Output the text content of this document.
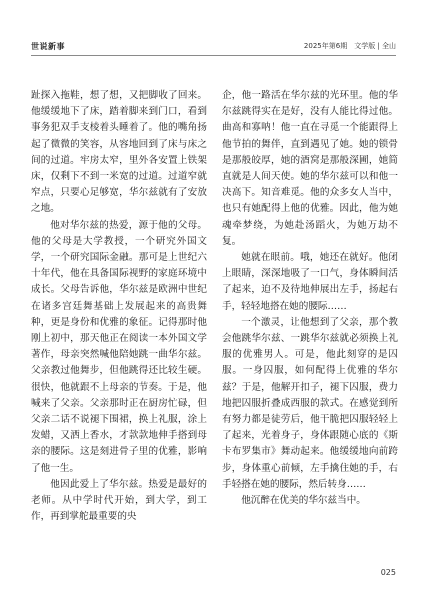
世说新事	2025年第6期　文学版 | 全山

趾探入拖鞋，想了想，又把脚收了回来。他缓缓地下了床，踏着脚来到门口，看到事务犯双手支棱着头睡着了。他的嘴角扬起了微微的笑容，从容地回到了床与床之间的过道。牢房太窄，里外各安置上铁架床，仅剩下不到一米宽的过道。过道窄就窄点，只要心足够宽，华尔兹就有了安放之地。

他对华尔兹的热爱，源于他的父母。他的父母是大学教授，一个研究外国文学，一个研究国际金融。那可是上世纪六十年代，他在具备国际视野的家庭环境中成长。父母告诉他，华尔兹是欧洲中世纪在诸多宫廷舞基础上发展起来的高贵舞种，更是身份和优雅的象征。记得那时他刚上初中，那天他正在阅读一本外国文学著作，母亲突然喊他陪她跳一曲华尔兹。父亲教过他舞步，但他跳得还比较生硬。很快，他就跟不上母亲的节奏。于是，他喊来了父亲。父亲那时正在厨房忙碌，但父亲二话不说褪下围裙，换上礼服，涂上发蜡，又洒上香水，才款款地伸手搭到母亲的腰际。这是刻进骨子里的优雅，影响了他一生。

他因此爱上了华尔兹。热爱是最好的老师。从中学时代开始，到大学，到工作，再到掌舵最重要的央

企，他一路活在华尔兹的光环里。他的华尔兹跳得实在是好，没有人能比得过他。曲高和寡呐！他一直在寻觅一个能跟得上他节拍的舞伴，直到遇见了她。她的锁骨是那般皎厚，她的酒窝是那般深圃，她简直就是人间天使。她的华尔兹可以和他一决高下。知音难觅。他的众多女人当中，也只有她配得上他的优雅。因此，他为她魂牵梦绕，为她赴汤蹈火，为她万劫不复。

她就在眼前。哦，她还在就好。他闭上眼睛，深深地吸了一口气，身体瞬间活了起来，迫不及待地伸展出左手，扬起右手，轻轻地搭在她的腰际……

一个激灵，让他想到了父亲，那个教会他跳华尔兹、一跳华尔兹就必须换上礼服的优雅男人。可是，他此刻穿的是囚服。一身囚服，如何配得上优雅的华尔兹？于是，他解开扣子，褪下囚服，费力地把囚服折叠成西服的款式。在感觉到所有努力都是徒劳后，他干脆把囚服轻轻上了起来，光着身子，身体跟随心底的《斯卡布罗集市》舞动起来。他缓缓地向前跨步，身体重心前倾，左手擒住她的手，右手轻搭在她的腰际，然后转身……

他沉醉在优美的华尔兹当中。

025
